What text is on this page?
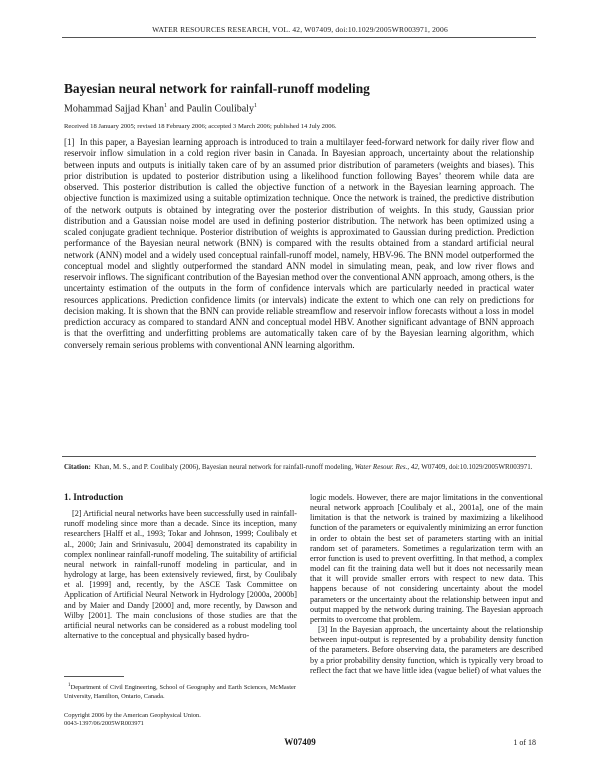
WATER RESOURCES RESEARCH, VOL. 42, W07409, doi:10.1029/2005WR003971, 2006
Bayesian neural network for rainfall-runoff modeling
Mohammad Sajjad Khan$^1$ and Paulin Coulibaly$^1$
Received 18 January 2005; revised 18 February 2006; accepted 3 March 2006; published 14 July 2006.
[1] In this paper, a Bayesian learning approach is introduced to train a multilayer feed-forward network for daily river flow and reservoir inflow simulation in a cold region river basin in Canada. In Bayesian approach, uncertainty about the relationship between inputs and outputs is initially taken care of by an assumed prior distribution of parameters (weights and biases). This prior distribution is updated to posterior distribution using a likelihood function following Bayes’ theorem while data are observed. This posterior distribution is called the objective function of a network in the Bayesian learning approach. The objective function is maximized using a suitable optimization technique. Once the network is trained, the predictive distribution of the network outputs is obtained by integrating over the posterior distribution of weights. In this study, Gaussian prior distribution and a Gaussian noise model are used in defining posterior distribution. The network has been optimized using a scaled conjugate gradient technique. Posterior distribution of weights is approximated to Gaussian during prediction. Prediction performance of the Bayesian neural network (BNN) is compared with the results obtained from a standard artificial neural network (ANN) model and a widely used conceptual rainfall-runoff model, namely, HBV-96. The BNN model outperformed the conceptual model and slightly outperformed the standard ANN model in simulating mean, peak, and low river flows and reservoir inflows. The significant contribution of the Bayesian method over the conventional ANN approach, among others, is the uncertainty estimation of the outputs in the form of confidence intervals which are particularly needed in practical water resources applications. Prediction confidence limits (or intervals) indicate the extent to which one can rely on predictions for decision making. It is shown that the BNN can provide reliable streamflow and reservoir inflow forecasts without a loss in model prediction accuracy as compared to standard ANN and conceptual model HBV. Another significant advantage of BNN approach is that the overfitting and underfitting problems are automatically taken care of by the Bayesian learning algorithm, which conversely remain serious problems with conventional ANN learning algorithm.
Citation: Khan, M. S., and P. Coulibaly (2006), Bayesian neural network for rainfall-runoff modeling, Water Resour. Res., 42, W07409, doi:10.1029/2005WR003971.
1. Introduction

[2] Artificial neural networks have been successfully used in rainfall-runoff modeling since more than a decade. Since its inception, many researchers [Halff et al., 1993; Tokar and Johnson, 1999; Coulibaly et al., 2000; Jain and Srinivasulu, 2004] demonstrated its capability in complex nonlinear rainfall-runoff modeling. The suitability of artificial neural network in rainfall-runoff modeling in particular, and in hydrology at large, has been extensively reviewed, first, by Coulibaly et al. [1999] and, recently, by the ASCE Task Committee on Application of Artificial Neural Network in Hydrology [2000a, 2000b] and by Maier and Dandy [2000] and, more recently, by Dawson and Wilby [2001]. The main conclusions of those studies are that the artificial neural networks can be considered as a robust modeling tool alternative to the conceptual and physically based hydro-

logic models. However, there are major limitations in the conventional neural network approach [Coulibaly et al., 2001a], one of the main limitation is that the network is trained by maximizing a likelihood function of the parameters or equivalently minimizing an error function in order to obtain the best set of parameters starting with an initial random set of parameters. Sometimes a regularization term with an error function is used to prevent overfitting. In that method, a complex model can fit the training data well but it does not necessarily mean that it will provide smaller errors with respect to new data. This happens because of not considering uncertainty about the model parameters or the uncertainty about the relationship between input and output mapped by the network during training. The Bayesian approach permits to overcome that problem.

[3] In the Bayesian approach, the uncertainty about the relationship between input-output is represented by a probability density function of the parameters. Before observing data, the parameters are described by a prior probability density function, which is typically very broad to reflect the fact that we have little idea (vague belief) of what values the

$^1$Department of Civil Engineering, School of Geography and Earth Sciences, McMaster University, Hamilton, Ontario, Canada.
Copyright 2006 by the American Geophysical Union.
0043-1397/06/2005WR003971
W07409	1 of 18
